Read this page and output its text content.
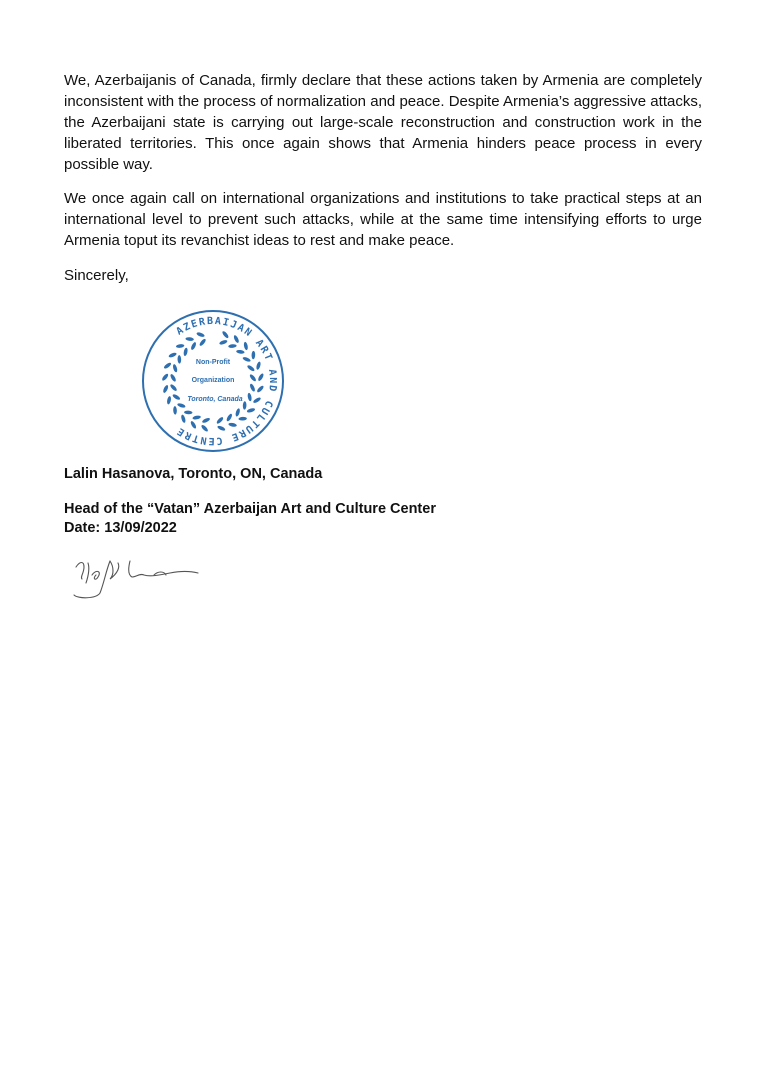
We, Azerbaijanis of Canada, firmly declare that these actions taken by Armenia are completely inconsistent with the process of normalization and peace. Despite Armenia’s aggressive attacks, the Azerbaijani state is carrying out large-scale reconstruction and construction work in the liberated territories. This once again shows that Armenia hinders peace process in every possible way.

We once again call on international organizations and institutions to take practical steps at an international level to prevent such attacks, while at the same time intensifying efforts to urge Armenia toput its revanchist ideas to rest and make peace.

Sincerely,

AZERBAIJAN ART AND CULTURE CENTRE
Non-Profit
Organization
Toronto, Canada

Lalin Hasanova, Toronto, ON, Canada

Head of the “Vatan” Azerbaijan Art and Culture Center

Date: 13/09/2022
